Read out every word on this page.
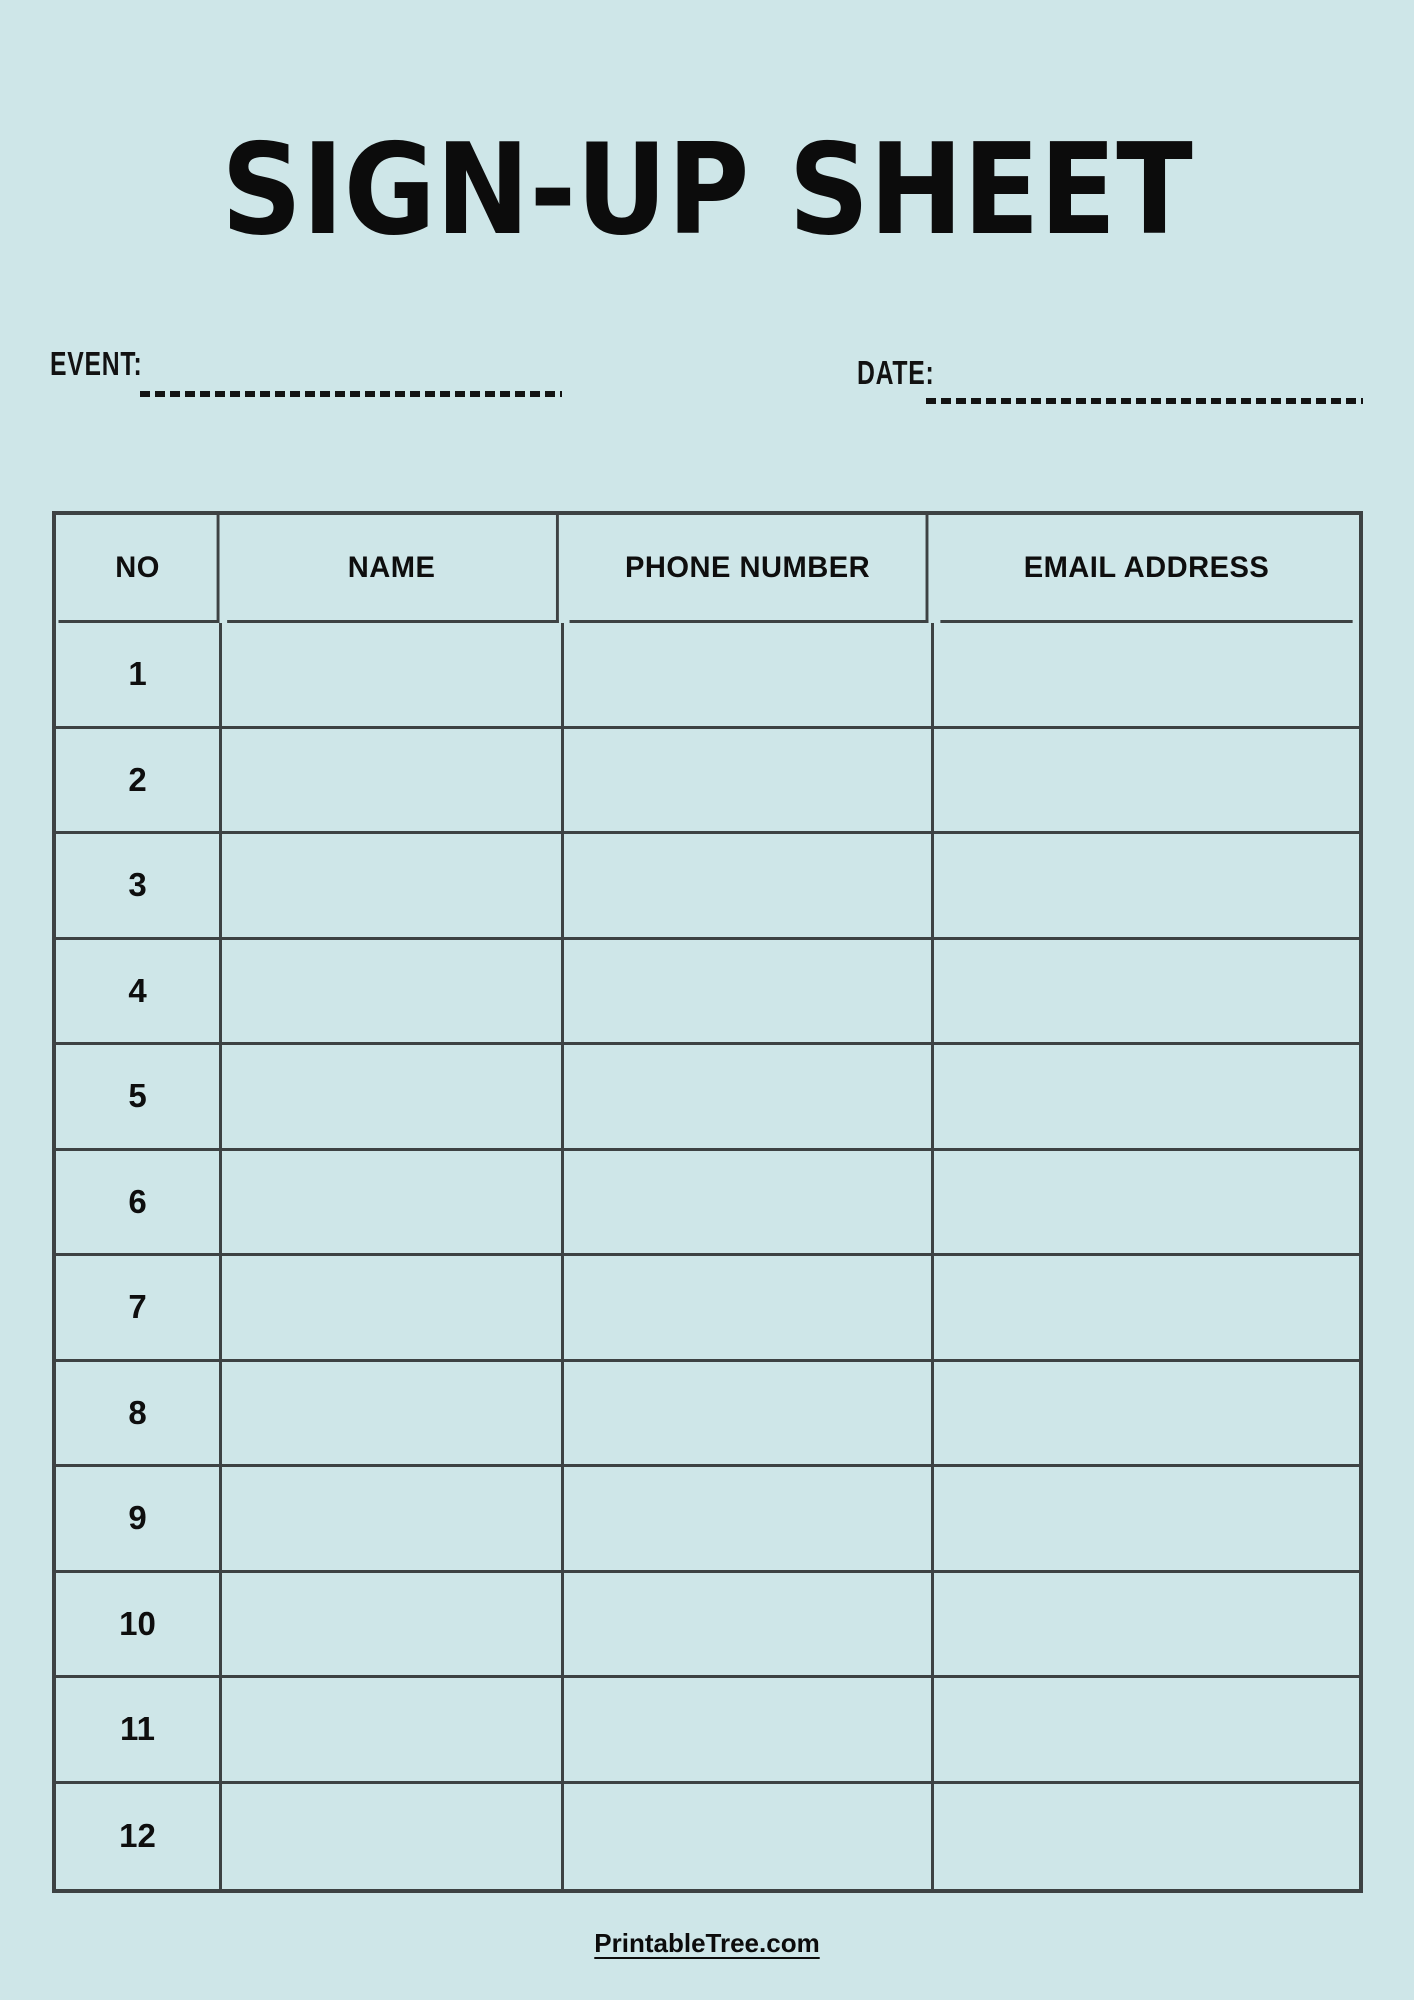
SIGN-UP SHEET
EVENT:	DATE:
NO	NAME	PHONE NUMBER	EMAIL ADDRESS
1
2
3
4
5
6
7
8
9
10
11
12
PrintableTree.com
